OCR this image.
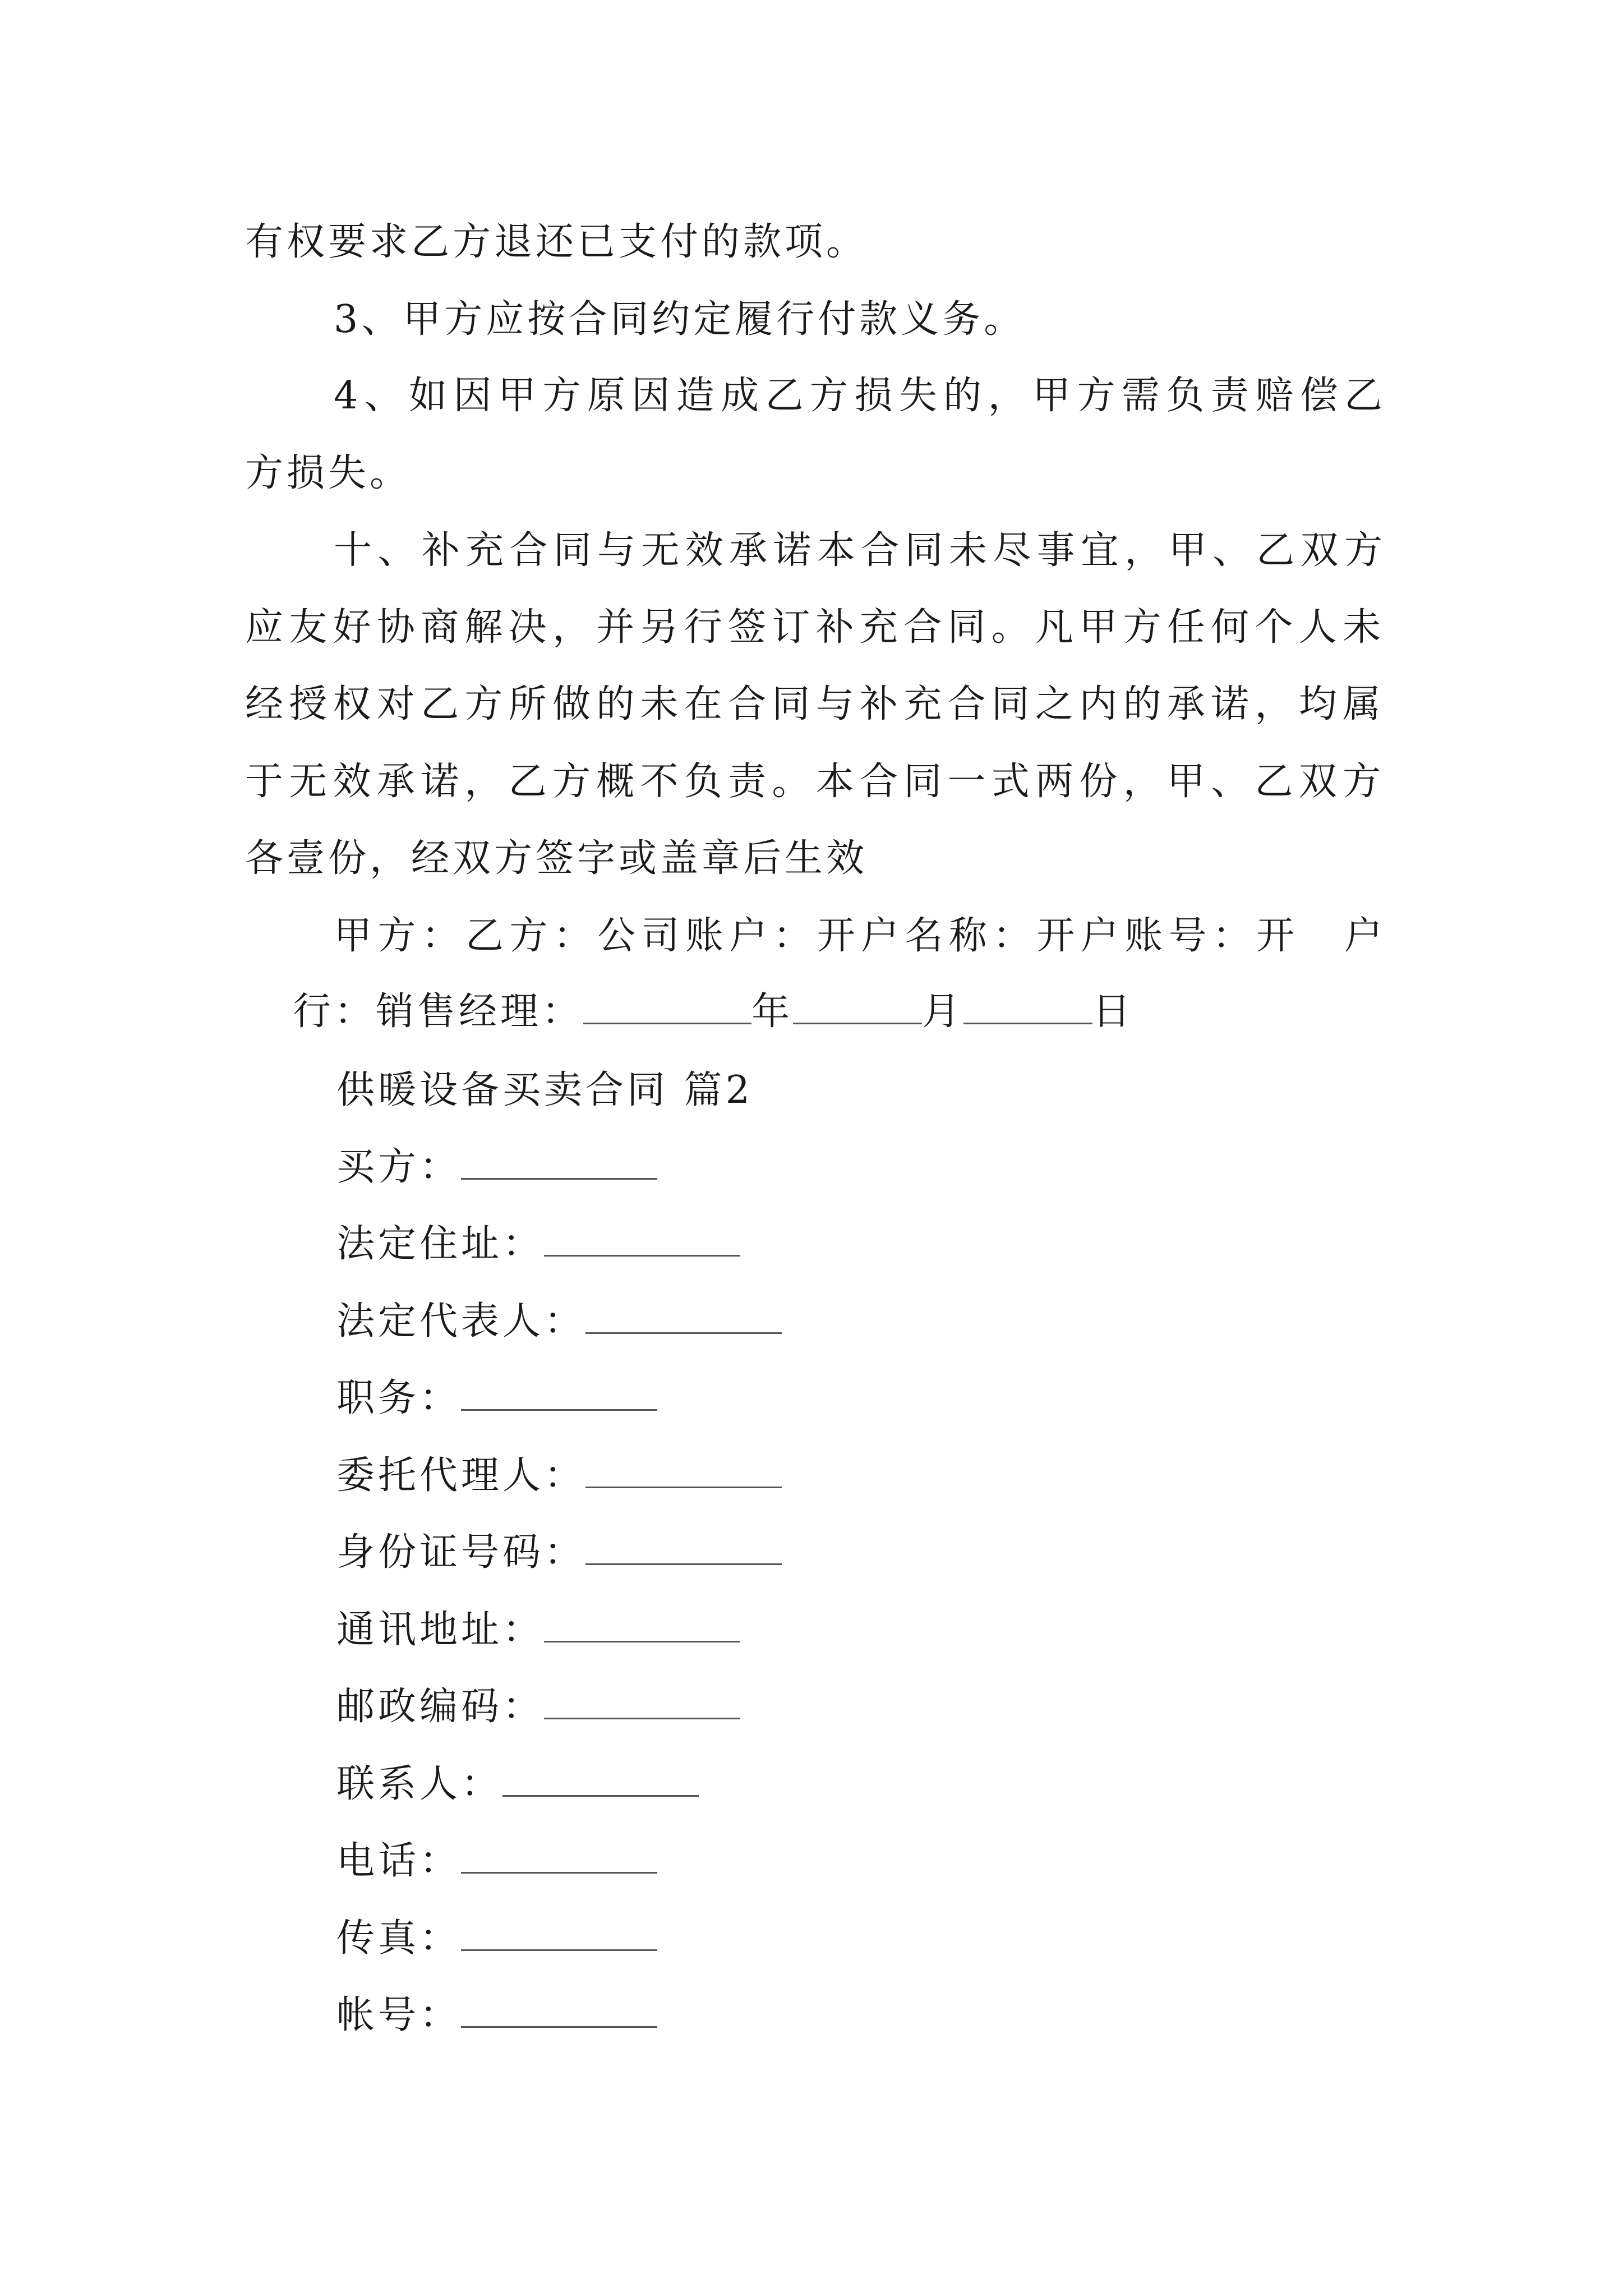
有权要求乙方退还已支付的款项。
3、甲方应按合同约定履行付款义务。
4、如因甲方原因造成乙方损失的，甲方需负责赔偿乙
方损失。
十、补充合同与无效承诺本合同未尽事宜，甲、乙双方
应友好协商解决，并另行签订补充合同。凡甲方任何个人未
经授权对乙方所做的未在合同与补充合同之内的承诺，均属
于无效承诺，乙方概不负责。本合同一式两份，甲、乙双方
各壹份，经双方签字或盖章后生效
甲方：乙方：公司账户：开户名称：开户账号：开　户
行：销售经理：	年	月	日
供暖设备买卖合同 篇2
买方：
法定住址：
法定代表人：
职务：
委托代理人：
身份证号码：
通讯地址：
邮政编码：
联系人：
电话：
传真：
帐号：
